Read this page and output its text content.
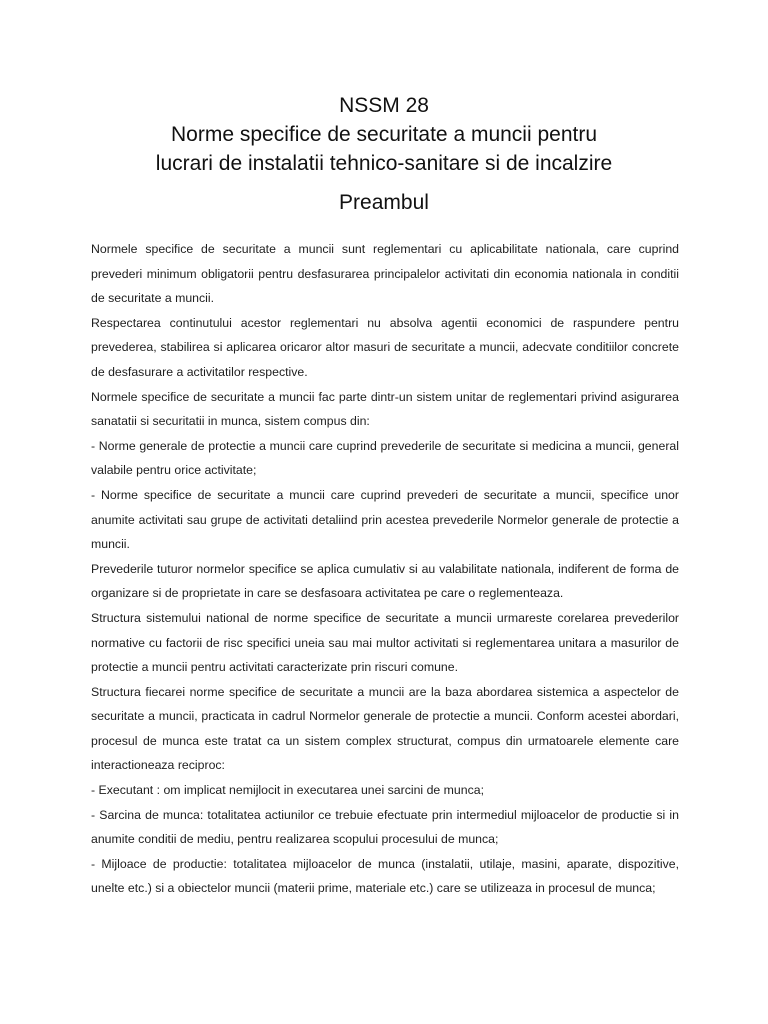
NSSM 28
Norme specifice de securitate a muncii pentru
lucrari de instalatii tehnico-sanitare si de incalzire
Preambul

Normele specifice de securitate a muncii sunt reglementari cu aplicabilitate nationala, care cuprind prevederi minimum obligatorii pentru desfasurarea principalelor activitati din economia nationala in conditii de securitate a muncii.

Respectarea continutului acestor reglementari nu absolva agentii economici de raspundere pentru prevederea, stabilirea si aplicarea oricaror altor masuri de securitate a muncii, adecvate conditiilor concrete de desfasurare a activitatilor respective.

Normele specifice de securitate a muncii fac parte dintr-un sistem unitar de reglementari privind asigurarea sanatatii si securitatii in munca, sistem compus din:

- Norme generale de protectie a muncii care cuprind prevederile de securitate si medicina a muncii, general valabile pentru orice activitate;

- Norme specifice de securitate a muncii care cuprind prevederi de securitate a muncii, specifice unor anumite activitati sau grupe de activitati detaliind prin acestea prevederile Normelor generale de protectie a muncii.

Prevederile tuturor normelor specifice se aplica cumulativ si au valabilitate nationala, indiferent de forma de organizare si de proprietate in care se desfasoara activitatea pe care o reglementeaza.

Structura sistemului national de norme specifice de securitate a muncii urmareste corelarea prevederilor normative cu factorii de risc specifici uneia sau mai multor activitati si reglementarea unitara a masurilor de protectie a muncii pentru activitati caracterizate prin riscuri comune.

Structura fiecarei norme specifice de securitate a muncii are la baza abordarea sistemica a aspectelor de securitate a muncii, practicata in cadrul Normelor generale de protectie a muncii. Conform acestei abordari, procesul de munca este tratat ca un sistem complex structurat, compus din urmatoarele elemente care interactioneaza reciproc:

- Executant : om implicat nemijlocit in executarea unei sarcini de munca;

- Sarcina de munca: totalitatea actiunilor ce trebuie efectuate prin intermediul mijloacelor de productie si in anumite conditii de mediu, pentru realizarea scopului procesului de munca;

- Mijloace de productie: totalitatea mijloacelor de munca (instalatii, utilaje, masini, aparate, dispozitive, unelte etc.) si a obiectelor muncii (materii prime, materiale etc.) care se utilizeaza in procesul de munca;
